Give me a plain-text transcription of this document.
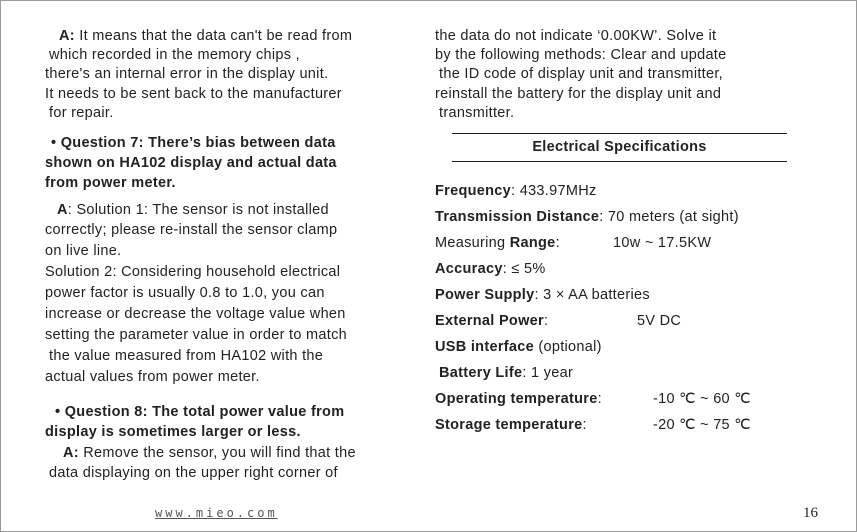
A: It means that the data can't be read from

which recorded in the memory chips ,

there's an internal error in the display unit.

It needs to be sent back to the manufacturer

for repair.

• Question 7: There’s bias between data

shown on HA102 display and actual data

from power meter.

A: Solution 1: The sensor is not installed

correctly; please re-install the sensor clamp

on live line.

Solution 2: Considering household electrical

power factor is usually 0.8 to 1.0, you can

increase or decrease the voltage value when

setting the parameter value in order to match

the value measured from HA102 with the

actual values from power meter.

• Question 8: The total power value from

display is sometimes larger or less.

A: Remove the sensor, you will find that the

data displaying on the upper right corner of

the data do not indicate ‘0.00KW’. Solve it

by the following methods: Clear and update

the ID code of display unit and transmitter,

reinstall the battery for the display unit and

transmitter.

Electrical Specifications
Frequency: 433.97MHz
Transmission Distance: 70 meters (at sight)
Measuring Range:	10w ~ 17.5KW
Accuracy: ≤ 5%
Power Supply: 3 × AA batteries
External Power:	5V DC
USB interface (optional)
Battery Life: 1 year
Operating temperature:	-10 ℃ ~ 60 ℃
Storage temperature:	-20 ℃ ~ 75 ℃
www.mieo.com	16
